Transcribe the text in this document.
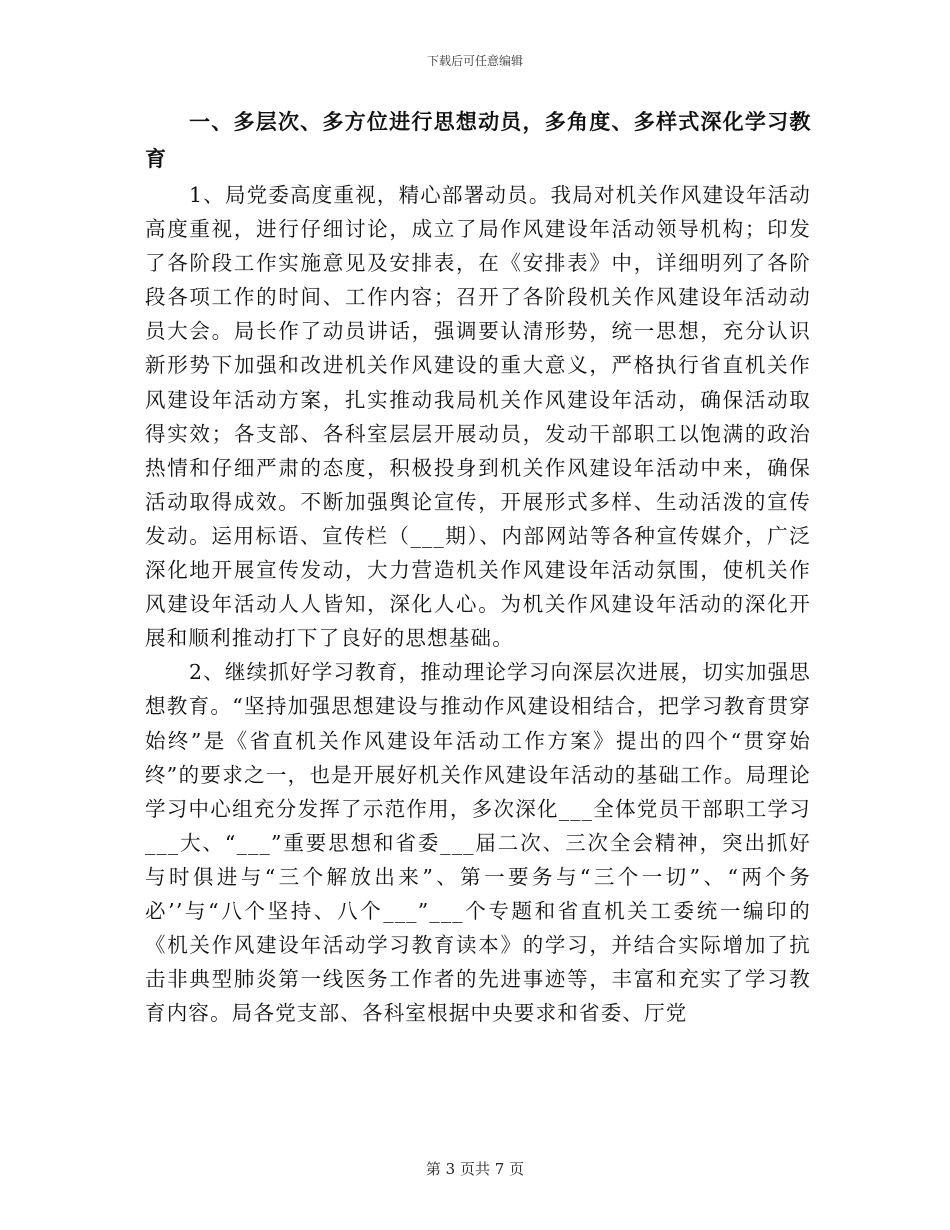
下载后可任意编辑

一、多层次、多方位进行思想动员，多角度、多样式深化学习教育

1、局党委高度重视，精心部署动员。我局对机关作风建设年活动高度重视，进行仔细讨论，成立了局作风建设年活动领导机构；印发了各阶段工作实施意见及安排表，在《安排表》中，详细明列了各阶段各项工作的时间、工作内容；召开了各阶段机关作风建设年活动动员大会。局长作了动员讲话，强调要认清形势，统一思想，充分认识新形势下加强和改进机关作风建设的重大意义，严格执行省直机关作风建设年活动方案，扎实推动我局机关作风建设年活动，确保活动取得实效；各支部、各科室层层开展动员，发动干部职工以饱满的政治热情和仔细严肃的态度，积极投身到机关作风建设年活动中来，确保活动取得成效。不断加强舆论宣传，开展形式多样、生动活泼的宣传发动。运用标语、宣传栏（___期）、内部网站等各种宣传媒介，广泛深化地开展宣传发动，大力营造机关作风建设年活动氛围，使机关作风建设年活动人人皆知，深化人心。为机关作风建设年活动的深化开展和顺利推动打下了良好的思想基础。

2、继续抓好学习教育，推动理论学习向深层次进展，切实加强思想教育。“坚持加强思想建设与推动作风建设相结合，把学习教育贯穿始终”是《省直机关作风建设年活动工作方案》提出的四个“贯穿始终”的要求之一，也是开展好机关作风建设年活动的基础工作。局理论学习中心组充分发挥了示范作用，多次深化___全体党员干部职工学习___大、“___”重要思想和省委___届二次、三次全会精神，突出抓好与时俱进与“三个解放出来”、第一要务与“三个一切”、“两个务必’’与“八个坚持、八个___”___个专题和省直机关工委统一编印的《机关作风建设年活动学习教育读本》的学习，并结合实际增加了抗击非典型肺炎第一线医务工作者的先进事迹等，丰富和充实了学习教育内容。局各党支部、各科室根据中央要求和省委、厅党

第 3 页共 7 页
